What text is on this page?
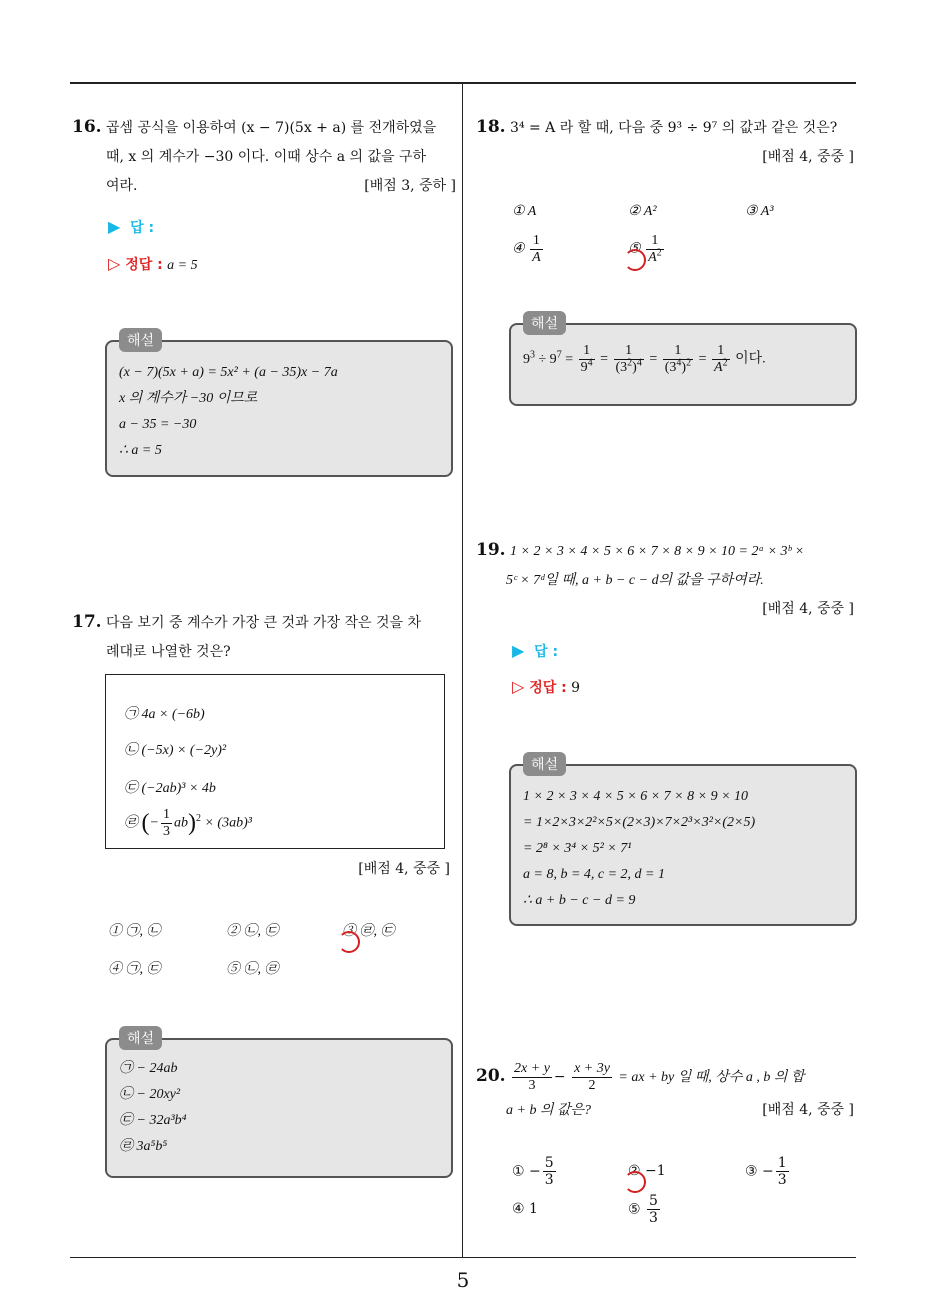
16. 곱셈 공식을 이용하여 (x − 7)(5x + a) 를 전개하였을
때, x 의 계수가 −30 이다. 이때 상수 a 의 값을 구하
여라.	[배점 3, 중하 ]
▶ 답 :
▷ 정답 : a = 5
해설
(x − 7)(5x + a) = 5x² + (a − 35)x − 7a
x 의 계수가 −30 이므로
a − 35 = −30
∴ a = 5
17. 다음 보기 중 계수가 가장 큰 것과 가장 작은 것을 차
례대로 나열한 것은?
㉠ 4a × (−6b)
㉡ (−5x) × (−2y)²
㉢ (−2ab)³ × 4b
㉣ (− $\frac{1}{3} ab)^2 \times (3ab)^3$
[배점 4, 중중 ]
① ㉠, ㉡	② ㉡, ㉢	③ ㉣, ㉢
④ ㉠, ㉢	⑤ ㉡, ㉣
해설
㉠ − 24ab
㉡ − 20xy²
㉢ − 32a³b⁴
㉣ 3a⁵b⁵
18. 3⁴ = A 라 할 때, 다음 중 9³ ÷ 9⁷ 의 값과 같은 것은?
[배점 4, 중중 ]
① A	② A²	③ A³
④ $\frac{1}{A}$	⑤ $\frac{1}{A^2}$
해설
$9^3 \div 9^7 = \frac{1}{9^4} = \frac{1}{(3^2)^4} = \frac{1}{(3^4)^2} = \frac{1}{A^2}$ 이다.
19. 1 × 2 × 3 × 4 × 5 × 6 × 7 × 8 × 9 × 10 = 2ᵃ × 3ᵇ ×
5ᶜ × 7ᵈ일 때, a + b − c − d의 값을 구하여라.
[배점 4, 중중 ]
▶ 답 :
▷ 정답 : 9
해설
1 × 2 × 3 × 4 × 5 × 6 × 7 × 8 × 9 × 10
= 1×2×3×2²×5×(2×3)×7×2³×3²×(2×5)
= 2⁸ × 3⁴ × 5² × 7¹
a = 8, b = 4, c = 2, d = 1
∴ a + b − c − d = 9
20. $\frac{2x + y}{3} - \frac{x + 3y}{2}$ = ax + by 일 때, 상수 a , b 의 합
a + b 의 값은?	[배점 4, 중중 ]
① − $\frac{5}{3}$	② −1	③ − $\frac{1}{3}$
④ 1	⑤ $\frac{5}{3}$
5
